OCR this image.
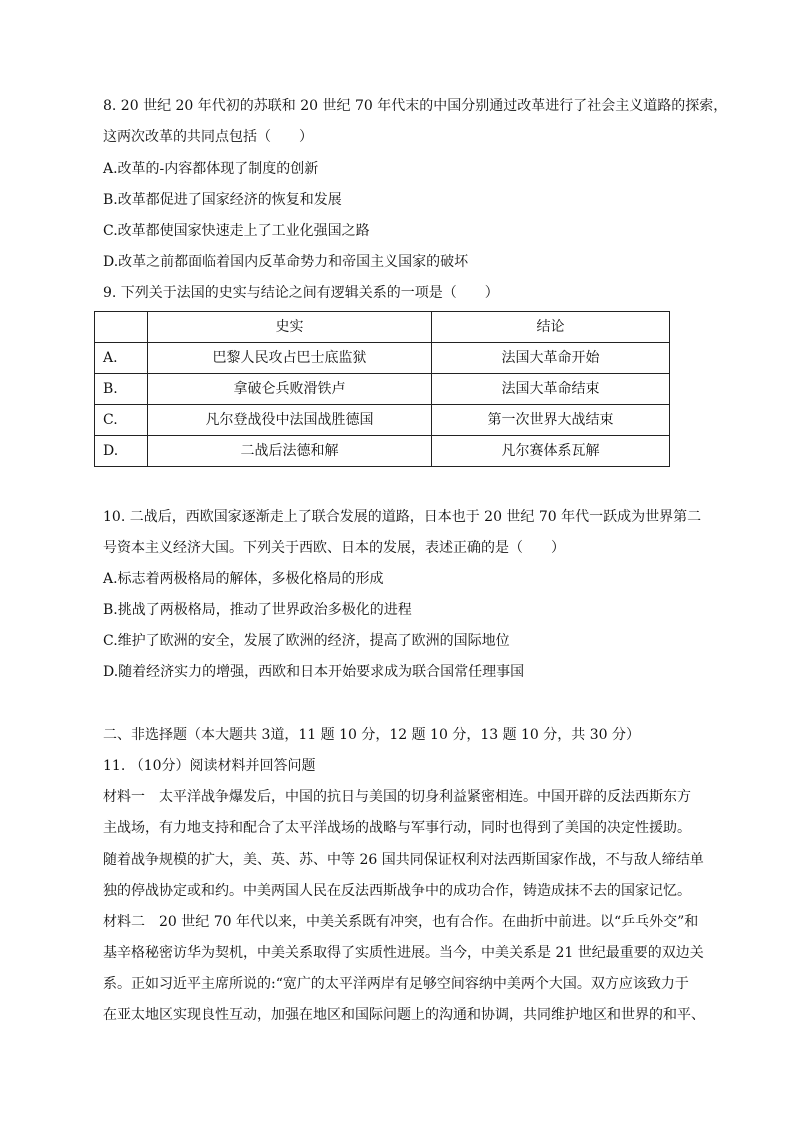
8. 20 世纪 20 年代初的苏联和 20 世纪 70 年代末的中国分别通过改革进行了社会主义道路的探索，
这两次改革的共同点包括（　　）
A.改革的-内容都体现了制度的创新
B.改革都促进了国家经济的恢复和发展
C.改革都使国家快速走上了工业化强国之路
D.改革之前都面临着国内反革命势力和帝国主义国家的破坏
9. 下列关于法国的史实与结论之间有逻辑关系的一项是（　　）
	史实	结论
A.	巴黎人民攻占巴士底监狱	法国大革命开始
B.	拿破仑兵败滑铁卢	法国大革命结束
C.	凡尔登战役中法国战胜德国	第一次世界大战结束
D.	二战后法德和解	凡尔赛体系瓦解
10. 二战后，西欧国家逐渐走上了联合发展的道路，日本也于 20 世纪 70 年代一跃成为世界第二
号资本主义经济大国。下列关于西欧、日本的发展，表述正确的是（　　）
A.标志着两极格局的解体，多极化格局的形成
B.挑战了两极格局，推动了世界政治多极化的进程
C.维护了欧洲的安全，发展了欧洲的经济，提高了欧洲的国际地位
D.随着经济实力的增强，西欧和日本开始要求成为联合国常任理事国
二、非选择题（本大题共 3道，11 题 10 分，12 题 10 分，13 题 10 分，共 30 分）
11. （10分）阅读材料并回答问题
材料一　太平洋战争爆发后，中国的抗日与美国的切身利益紧密相连。中国开辟的反法西斯东方
主战场，有力地支持和配合了太平洋战场的战略与军事行动，同时也得到了美国的决定性援助。
随着战争规模的扩大，美、英、苏、中等 26 国共同保证权利对法西斯国家作战，不与敌人缔结单
独的停战协定或和约。中美两国人民在反法西斯战争中的成功合作，铸造成抹不去的国家记忆。
材料二　20 世纪 70 年代以来，中美关系既有冲突，也有合作。在曲折中前进。以“乒乓外交”和
基辛格秘密访华为契机，中美关系取得了实质性进展。当今，中美关系是 21 世纪最重要的双边关
系。正如习近平主席所说的:“宽广的太平洋两岸有足够空间容纳中美两个大国。双方应该致力于
在亚太地区实现良性互动，加强在地区和国际问题上的沟通和协调，共同维护地区和世界的和平、
